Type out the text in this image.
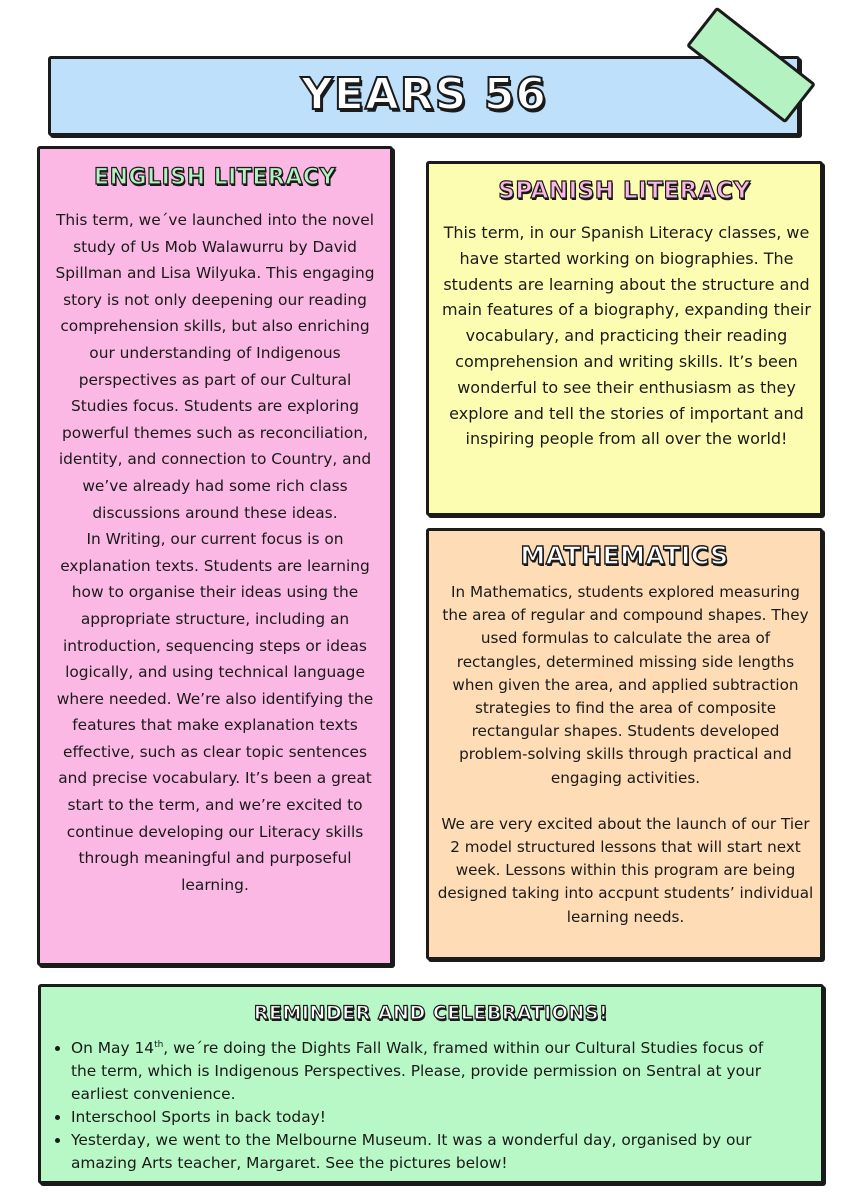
YEARS 56
ENGLISH LITERACY

This term, we´ve launched into the novel study of Us Mob Walawurru by David Spillman and Lisa Wilyuka. This engaging story is not only deepening our reading comprehension skills, but also enriching our understanding of Indigenous perspectives as part of our Cultural Studies focus. Students are exploring powerful themes such as reconciliation, identity, and connection to Country, and we’ve already had some rich class discussions around these ideas.

In Writing, our current focus is on explanation texts. Students are learning how to organise their ideas using the appropriate structure, including an introduction, sequencing steps or ideas logically, and using technical language where needed. We’re also identifying the features that make explanation texts effective, such as clear topic sentences and precise vocabulary. It’s been a great start to the term, and we’re excited to continue developing our Literacy skills through meaningful and purposeful learning.

SPANISH LITERACY

This term, in our Spanish Literacy classes, we have started working on biographies. The students are learning about the structure and main features of a biography, expanding their vocabulary, and practicing their reading comprehension and writing skills. It’s been wonderful to see their enthusiasm as they explore and tell the stories of important and inspiring people from all over the world!

MATHEMATICS

In Mathematics, students explored measuring the area of regular and compound shapes. They used formulas to calculate the area of rectangles, determined missing side lengths when given the area, and applied subtraction strategies to find the area of composite rectangular shapes. Students developed problem-solving skills through practical and engaging activities.

We are very excited about the launch of our Tier 2 model structured lessons that will start next week. Lessons within this program are being designed taking into accpunt students’ individual learning needs.

REMINDER AND CELEBRATIONS!
• On May 14th, we´re doing the Dights Fall Walk, framed within our Cultural Studies focus of
the term, which is Indigenous Perspectives. Please, provide permission on Sentral at your
earliest convenience.
• Interschool Sports in back today!
• Yesterday, we went to the Melbourne Museum. It was a wonderful day, organised by our
amazing Arts teacher, Margaret. See the pictures below!
